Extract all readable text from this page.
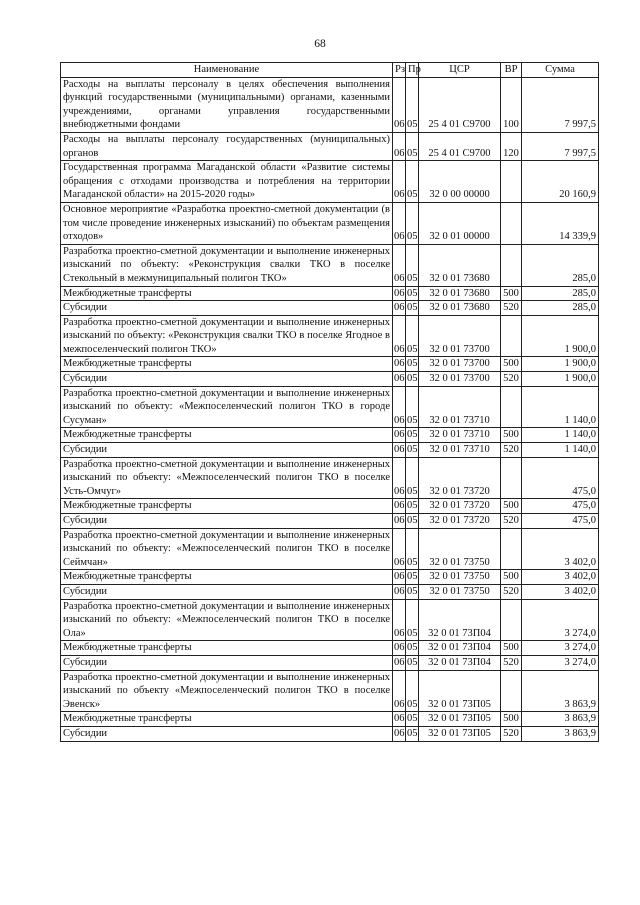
68
Наименование	Рз	Пр	ЦСР	ВР	Сумма
Расходы на выплаты персоналу в целях обеспечения выполнения функций государственными (муниципальными) органами, казенными учреждениями, органами управления государственными внебюджетными фондами	06	05	25 4 01 С9700	100	7 997,5
Расходы на выплаты персоналу государственных (муниципальных) органов	06	05	25 4 01 С9700	120	7 997,5
Государственная программа Магаданской области «Развитие системы обращения с отходами производства и потребления на территории Магаданской области» на 2015-2020 годы»	06	05	32 0 00 00000		20 160,9
Основное мероприятие «Разработка проектно-сметной документации (в том числе проведение инженерных изысканий) по объектам размещения отходов»	06	05	32 0 01 00000		14 339,9
Разработка проектно-сметной документации и выполнение инженерных изысканий по объекту: «Реконструкция свалки ТКО в поселке Стекольный в межмуниципальный полигон ТКО»	06	05	32 0 01 73680		285,0
Межбюджетные трансферты	06	05	32 0 01 73680	500	285,0
Субсидии	06	05	32 0 01 73680	520	285,0
Разработка проектно-сметной документации и выполнение инженерных изысканий по объекту: «Реконструкция свалки ТКО в поселке Ягодное в межпоселенческий полигон ТКО»	06	05	32 0 01 73700		1 900,0
Межбюджетные трансферты	06	05	32 0 01 73700	500	1 900,0
Субсидии	06	05	32 0 01 73700	520	1 900,0
Разработка проектно-сметной документации и выполнение инженерных изысканий по объекту: «Межпоселенческий полигон ТКО в городе Сусуман»	06	05	32 0 01 73710		1 140,0
Межбюджетные трансферты	06	05	32 0 01 73710	500	1 140,0
Субсидии	06	05	32 0 01 73710	520	1 140,0
Разработка проектно-сметной документации и выполнение инженерных изысканий по объекту: «Межпоселенческий полигон ТКО в поселке Усть-Омчуг»	06	05	32 0 01 73720		475,0
Межбюджетные трансферты	06	05	32 0 01 73720	500	475,0
Субсидии	06	05	32 0 01 73720	520	475,0
Разработка проектно-сметной документации и выполнение инженерных изысканий по объекту: «Межпоселенческий полигон ТКО в поселке Сеймчан»	06	05	32 0 01 73750		3 402,0
Межбюджетные трансферты	06	05	32 0 01 73750	500	3 402,0
Субсидии	06	05	32 0 01 73750	520	3 402,0
Разработка проектно-сметной документации и выполнение инженерных изысканий по объекту: «Межпоселенческий полигон ТКО в поселке Ола»	06	05	32 0 01 73П04		3 274,0
Межбюджетные трансферты	06	05	32 0 01 73П04	500	3 274,0
Субсидии	06	05	32 0 01 73П04	520	3 274,0
Разработка проектно-сметной документации и выполнение инженерных изысканий по объекту «Межпоселенческий полигон ТКО в поселке Эвенск»	06	05	32 0 01 73П05		3 863,9
Межбюджетные трансферты	06	05	32 0 01 73П05	500	3 863,9
Субсидии	06	05	32 0 01 73П05	520	3 863,9
